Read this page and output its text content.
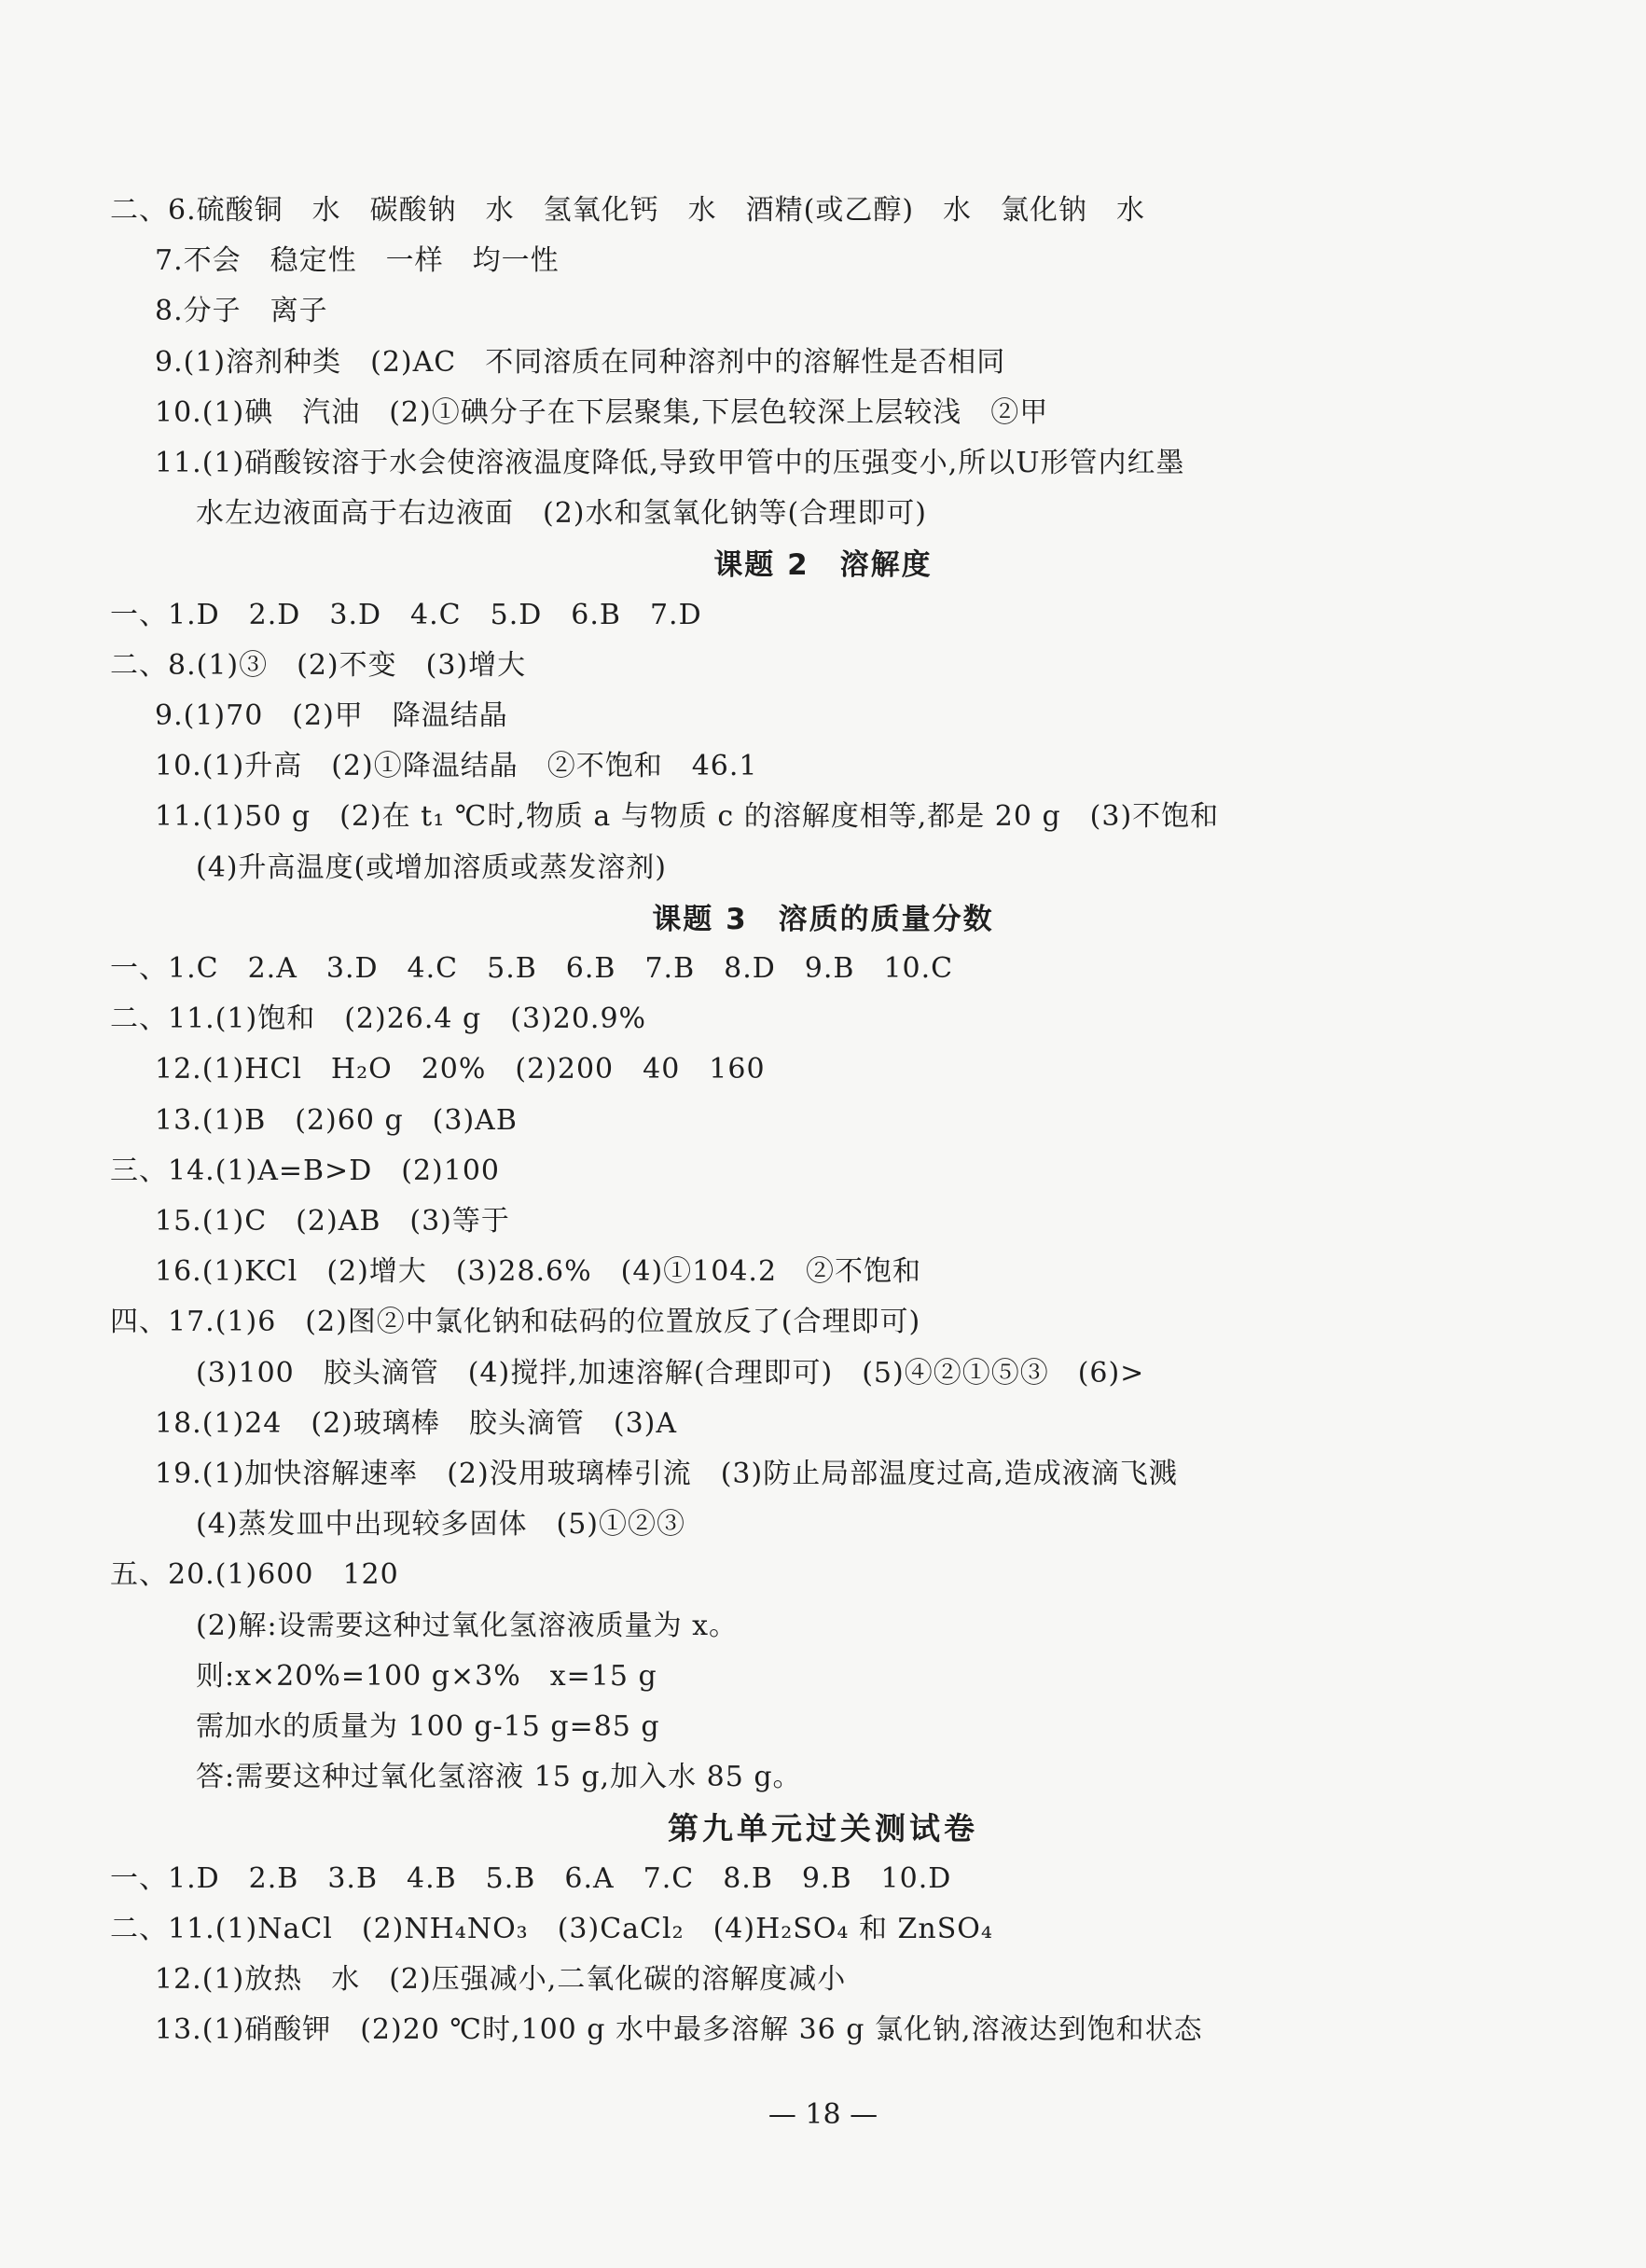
二、6.硫酸铜　水　碳酸钠　水　氢氧化钙　水　酒精(或乙醇)　水　氯化钠　水
7.不会　稳定性　一样　均一性
8.分子　离子
9.(1)溶剂种类　(2)AC　不同溶质在同种溶剂中的溶解性是否相同
10.(1)碘　汽油　(2)①碘分子在下层聚集,下层色较深上层较浅　②甲
11.(1)硝酸铵溶于水会使溶液温度降低,导致甲管中的压强变小,所以U形管内红墨
水左边液面高于右边液面　(2)水和氢氧化钠等(合理即可)
课题 2　溶解度
一、1.D　2.D　3.D　4.C　5.D　6.B　7.D
二、8.(1)③　(2)不变　(3)增大
9.(1)70　(2)甲　降温结晶
10.(1)升高　(2)①降温结晶　②不饱和　46.1
11.(1)50 g　(2)在 t₁ ℃时,物质 a 与物质 c 的溶解度相等,都是 20 g　(3)不饱和
(4)升高温度(或增加溶质或蒸发溶剂)
课题 3　溶质的质量分数
一、1.C　2.A　3.D　4.C　5.B　6.B　7.B　8.D　9.B　10.C
二、11.(1)饱和　(2)26.4 g　(3)20.9%
12.(1)HCl　H₂O　20%　(2)200　40　160
13.(1)B　(2)60 g　(3)AB
三、14.(1)A=B>D　(2)100
15.(1)C　(2)AB　(3)等于
16.(1)KCl　(2)增大　(3)28.6%　(4)①104.2　②不饱和
四、17.(1)6　(2)图②中氯化钠和砝码的位置放反了(合理即可)
(3)100　胶头滴管　(4)搅拌,加速溶解(合理即可)　(5)④②①⑤③　(6)>
18.(1)24　(2)玻璃棒　胶头滴管　(3)A
19.(1)加快溶解速率　(2)没用玻璃棒引流　(3)防止局部温度过高,造成液滴飞溅
(4)蒸发皿中出现较多固体　(5)①②③
五、20.(1)600　120
(2)解:设需要这种过氧化氢溶液质量为 x。
则:x×20%=100 g×3%　x=15 g
需加水的质量为 100 g-15 g=85 g
答:需要这种过氧化氢溶液 15 g,加入水 85 g。
第九单元过关测试卷
一、1.D　2.B　3.B　4.B　5.B　6.A　7.C　8.B　9.B　10.D
二、11.(1)NaCl　(2)NH₄NO₃　(3)CaCl₂　(4)H₂SO₄ 和 ZnSO₄
12.(1)放热　水　(2)压强减小,二氧化碳的溶解度减小
13.(1)硝酸钾　(2)20 ℃时,100 g 水中最多溶解 36 g 氯化钠,溶液达到饱和状态
— 18 —
